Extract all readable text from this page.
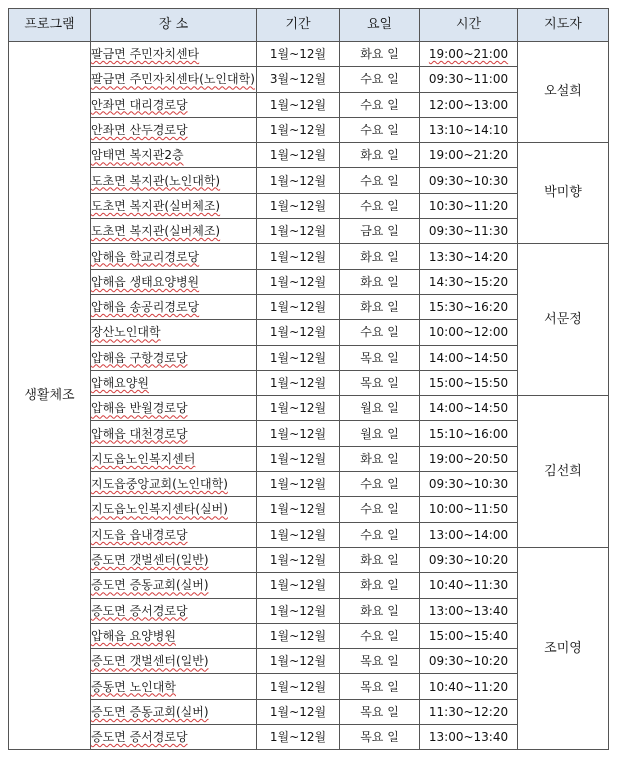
프로그램	장 소	기간	요일	시간	지도자
생활체조	팔금면 주민자치센타	1월~12월	화요 일	19:00~21:00	오설희
	팔금면 주민자치센타(노인대학)	3월~12월	수요 일	09:30~11:00	
	안좌면 대리경로당	1월~12월	수요 일	12:00~13:00	
	안좌면 산두경로당	1월~12월	수요 일	13:10~14:10	
	암태면 복지관2층	1월~12월	화요 일	19:00~21:20	박미향
	도초면 복지관(노인대학)	1월~12월	수요 일	09:30~10:30	
	도초면 복지관(실버체조)	1월~12월	수요 일	10:30~11:20	
	도초면 복지관(실버체조)	1월~12월	금요 일	09:30~11:30	
	압해읍 학교리경로당	1월~12월	화요 일	13:30~14:20	서문정
	압해읍 생태요양병원	1월~12월	화요 일	14:30~15:20	
	압해읍 송공리경로당	1월~12월	화요 일	15:30~16:20	
	장산노인대학	1월~12월	수요 일	10:00~12:00	
	압해읍 구항경로당	1월~12월	목요 일	14:00~14:50	
	압해요양원	1월~12월	목요 일	15:00~15:50	
	압해읍 반월경로당	1월~12월	월요 일	14:00~14:50	김선희
	압해읍 대천경로당	1월~12월	월요 일	15:10~16:00	
	지도읍노인복지센터	1월~12월	화요 일	19:00~20:50	
	지도읍중앙교회(노인대학)	1월~12월	수요 일	09:30~10:30	
	지도읍노인복지센타(실버)	1월~12월	수요 일	10:00~11:50	
	지도읍 읍내경로당	1월~12월	수요 일	13:00~14:00	
	증도면 갯벌센터(일반)	1월~12월	화요 일	09:30~10:20	조미영
	증도면 증동교회(실버)	1월~12월	화요 일	10:40~11:30	
	증도면 증서경로당	1월~12월	화요 일	13:00~13:40	
	압해읍 요양병원	1월~12월	수요 일	15:00~15:40	
	증도면 갯벌센터(일반)	1월~12월	목요 일	09:30~10:20	
	증동면 노인대학	1월~12월	목요 일	10:40~11:20	
	증도면 증동교회(실버)	1월~12월	목요 일	11:30~12:20	
	증도면 증서경로당	1월~12월	목요 일	13:00~13:40	
